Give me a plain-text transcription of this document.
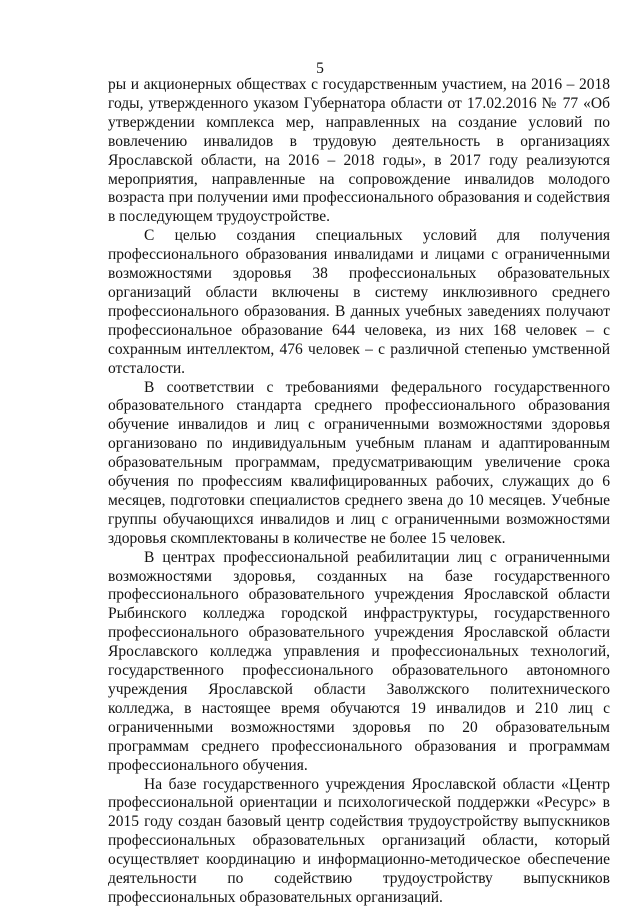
5

ры и акционерных обществах с государственным участием, на 2016 – 2018 годы, утвержденного указом Губернатора области от 17.02.2016 № 77 «Об утверждении комплекса мер, направленных на создание условий по вовлечению инвалидов в трудовую деятельность в организациях Ярославской области, на 2016 – 2018 годы», в 2017 году реализуются мероприятия, направленные на сопровождение инвалидов молодого возраста при получении ими профессионального образования и содействия в последующем трудоустройстве.

С целью создания специальных условий для получения профессионального образования инвалидами и лицами с ограниченными возможностями здоровья 38 профессиональных образовательных организаций области включены в систему инклюзивного среднего профессионального образования. В данных учебных заведениях получают профессиональное образование 644 человека, из них 168 человек – с сохранным интеллектом, 476 человек – с различной степенью умственной отсталости.

В соответствии с требованиями федерального государственного образовательного стандарта среднего профессионального образования обучение инвалидов и лиц с ограниченными возможностями здоровья организовано по индивидуальным учебным планам и адаптированным образовательным программам, предусматривающим увеличение срока обучения по профессиям квалифицированных рабочих, служащих до 6 месяцев, подготовки специалистов среднего звена до 10 месяцев. Учебные группы обучающихся инвалидов и лиц с ограниченными возможностями здоровья скомплектованы в количестве не более 15 человек.

В центрах профессиональной реабилитации лиц с ограниченными возможностями здоровья, созданных на базе государственного профессионального образовательного учреждения Ярославской области Рыбинского колледжа городской инфраструктуры, государственного профессионального образовательного учреждения Ярославской области Ярославского колледжа управления и профессиональных технологий, государственного профессионального образовательного автономного учреждения Ярославской области Заволжского политехнического колледжа, в настоящее время обучаются 19 инвалидов и 210 лиц с ограниченными возможностями здоровья по 20 образовательным программам среднего профессионального образования и программам профессионального обучения.

На базе государственного учреждения Ярославской области «Центр профессиональной ориентации и психологической поддержки «Ресурс» в 2015 году создан базовый центр содействия трудоустройству выпускников профессиональных образовательных организаций области, который осуществляет координацию и информационно-методическое обеспечение деятельности по содействию трудоустройству выпускников профессиональных образовательных организаций.
